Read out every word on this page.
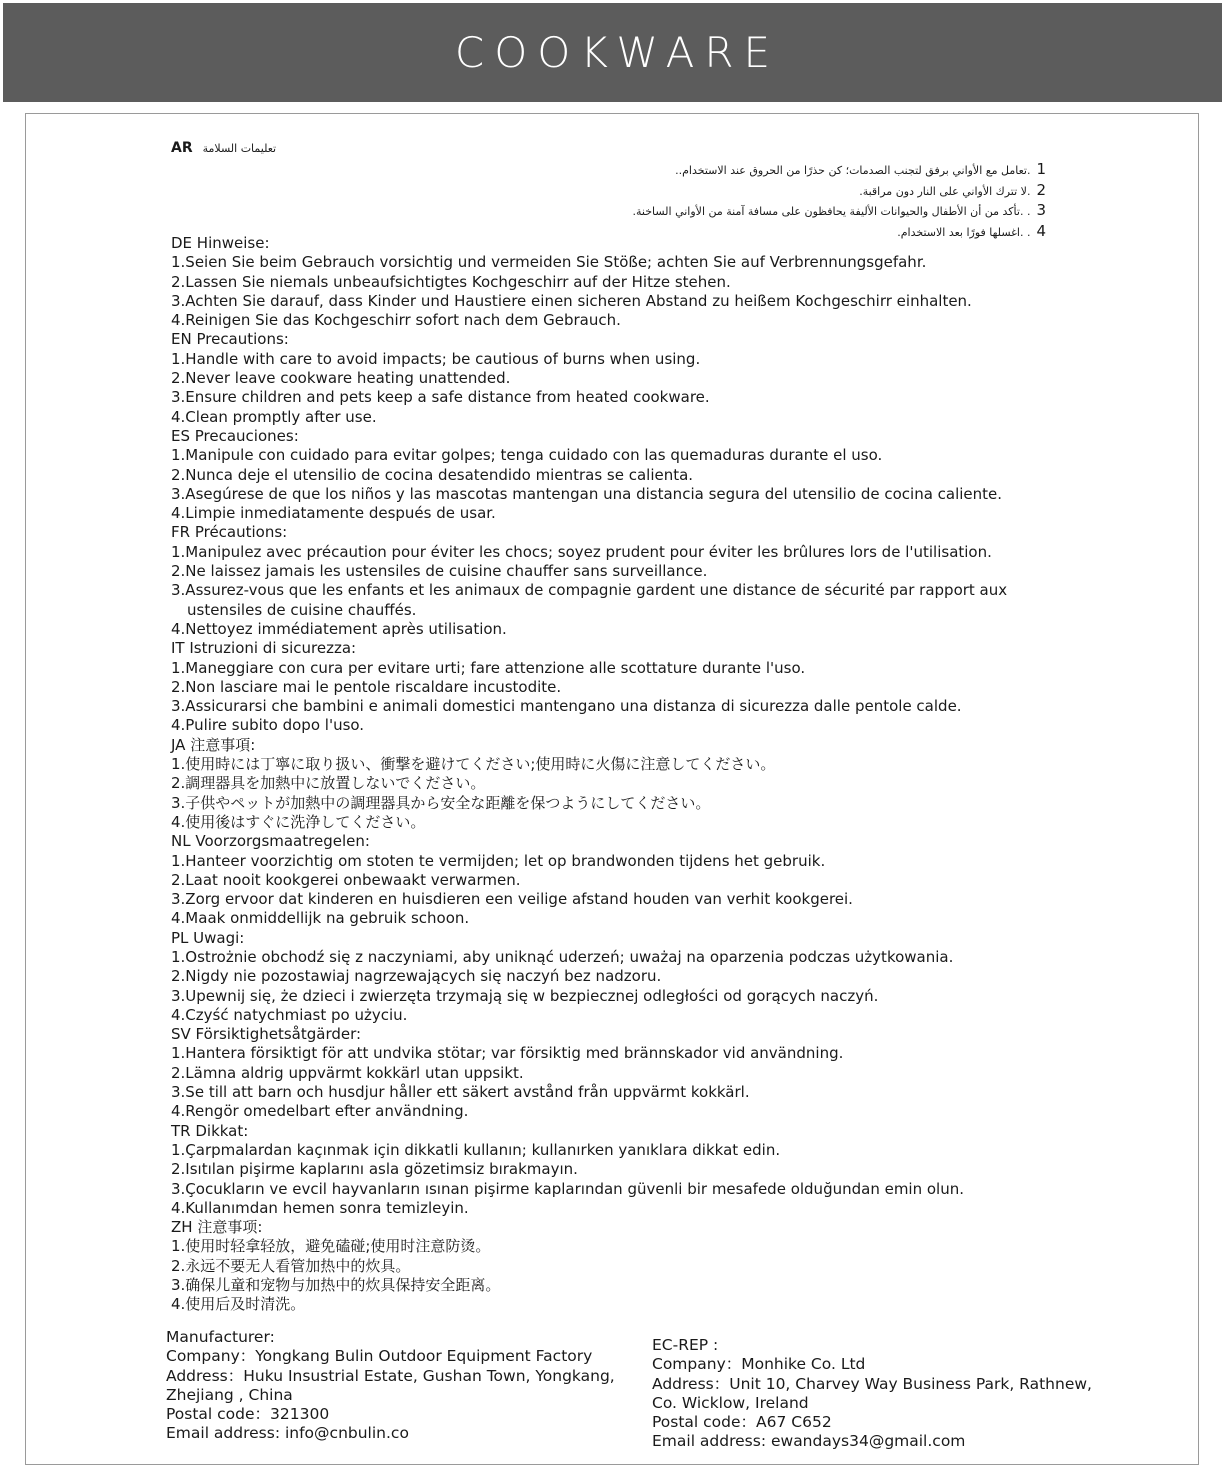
COOKWARE
AR تعليمات السلامة
1.تعامل مع الأواني برفق لتجنب الصدمات؛ كن حذرًا من الحروق عند الاستخدام..
2.لا تترك الأواني على النار دون مراقبة.
3. .تأكد من أن الأطفال والحيوانات الأليفة يحافظون على مسافة آمنة من الأواني الساخنة.
4. .اغسلها فورًا بعد الاستخدام.
DE Hinweise:
1.Seien Sie beim Gebrauch vorsichtig und vermeiden Sie Stöße; achten Sie auf Verbrennungsgefahr.
2.Lassen Sie niemals unbeaufsichtigtes Kochgeschirr auf der Hitze stehen.
3.Achten Sie darauf, dass Kinder und Haustiere einen sicheren Abstand zu heißem Kochgeschirr einhalten.
4.Reinigen Sie das Kochgeschirr sofort nach dem Gebrauch.
EN Precautions:
1.Handle with care to avoid impacts; be cautious of burns when using.
2.Never leave cookware heating unattended.
3.Ensure children and pets keep a safe distance from heated cookware.
4.Clean promptly after use.
ES Precauciones:
1.Manipule con cuidado para evitar golpes; tenga cuidado con las quemaduras durante el uso.
2.Nunca deje el utensilio de cocina desatendido mientras se calienta.
3.Asegúrese de que los niños y las mascotas mantengan una distancia segura del utensilio de cocina caliente.
4.Limpie inmediatamente después de usar.
FR Précautions:
1.Manipulez avec précaution pour éviter les chocs; soyez prudent pour éviter les brûlures lors de l'utilisation.
2.Ne laissez jamais les ustensiles de cuisine chauffer sans surveillance.
3.Assurez-vous que les enfants et les animaux de compagnie gardent une distance de sécurité par rapport aux
ustensiles de cuisine chauffés.
4.Nettoyez immédiatement après utilisation.
IT Istruzioni di sicurezza:
1.Maneggiare con cura per evitare urti; fare attenzione alle scottature durante l'uso.
2.Non lasciare mai le pentole riscaldare incustodite.
3.Assicurarsi che bambini e animali domestici mantengano una distanza di sicurezza dalle pentole calde.
4.Pulire subito dopo l'uso.
JA 注意事項:
1.使用時には丁寧に取り扱い、衝撃を避けてください;使用時に火傷に注意してください。
2.調理器具を加熱中に放置しないでください。
3.子供やペットが加熱中の調理器具から安全な距離を保つようにしてください。
4.使用後はすぐに洗浄してください。
NL Voorzorgsmaatregelen:
1.Hanteer voorzichtig om stoten te vermijden; let op brandwonden tijdens het gebruik.
2.Laat nooit kookgerei onbewaakt verwarmen.
3.Zorg ervoor dat kinderen en huisdieren een veilige afstand houden van verhit kookgerei.
4.Maak onmiddellijk na gebruik schoon.
PL Uwagi:
1.Ostrożnie obchodź się z naczyniami, aby uniknąć uderzeń; uważaj na oparzenia podczas użytkowania.
2.Nigdy nie pozostawiaj nagrzewających się naczyń bez nadzoru.
3.Upewnij się, że dzieci i zwierzęta trzymają się w bezpiecznej odległości od gorących naczyń.
4.Czyść natychmiast po użyciu.
SV Försiktighetsåtgärder:
1.Hantera försiktigt för att undvika stötar; var försiktig med brännskador vid användning.
2.Lämna aldrig uppvärmt kokkärl utan uppsikt.
3.Se till att barn och husdjur håller ett säkert avstånd från uppvärmt kokkärl.
4.Rengör omedelbart efter användning.
TR Dikkat:
1.Çarpmalardan kaçınmak için dikkatli kullanın; kullanırken yanıklara dikkat edin.
2.Isıtılan pişirme kaplarını asla gözetimsiz bırakmayın.
3.Çocukların ve evcil hayvanların ısınan pişirme kaplarından güvenli bir mesafede olduğundan emin olun.
4.Kullanımdan hemen sonra temizleyin.
ZH 注意事项:
1.使用时轻拿轻放，避免磕碰;使用时注意防烫。
2.永远不要无人看管加热中的炊具。
3.确保儿童和宠物与加热中的炊具保持安全距离。
4.使用后及时清洗。
Manufacturer:
Company：Yongkang Bulin Outdoor Equipment Factory
Address：Huku Insustrial Estate, Gushan Town, Yongkang,
Zhejiang , China
Postal code：321300
Email address: info@cnbulin.co
EC-REP :
Company：Monhike Co. Ltd
Address：Unit 10, Charvey Way Business Park, Rathnew,
Co. Wicklow, Ireland
Postal code：A67 C652
Email address: ewandays34@gmail.com
